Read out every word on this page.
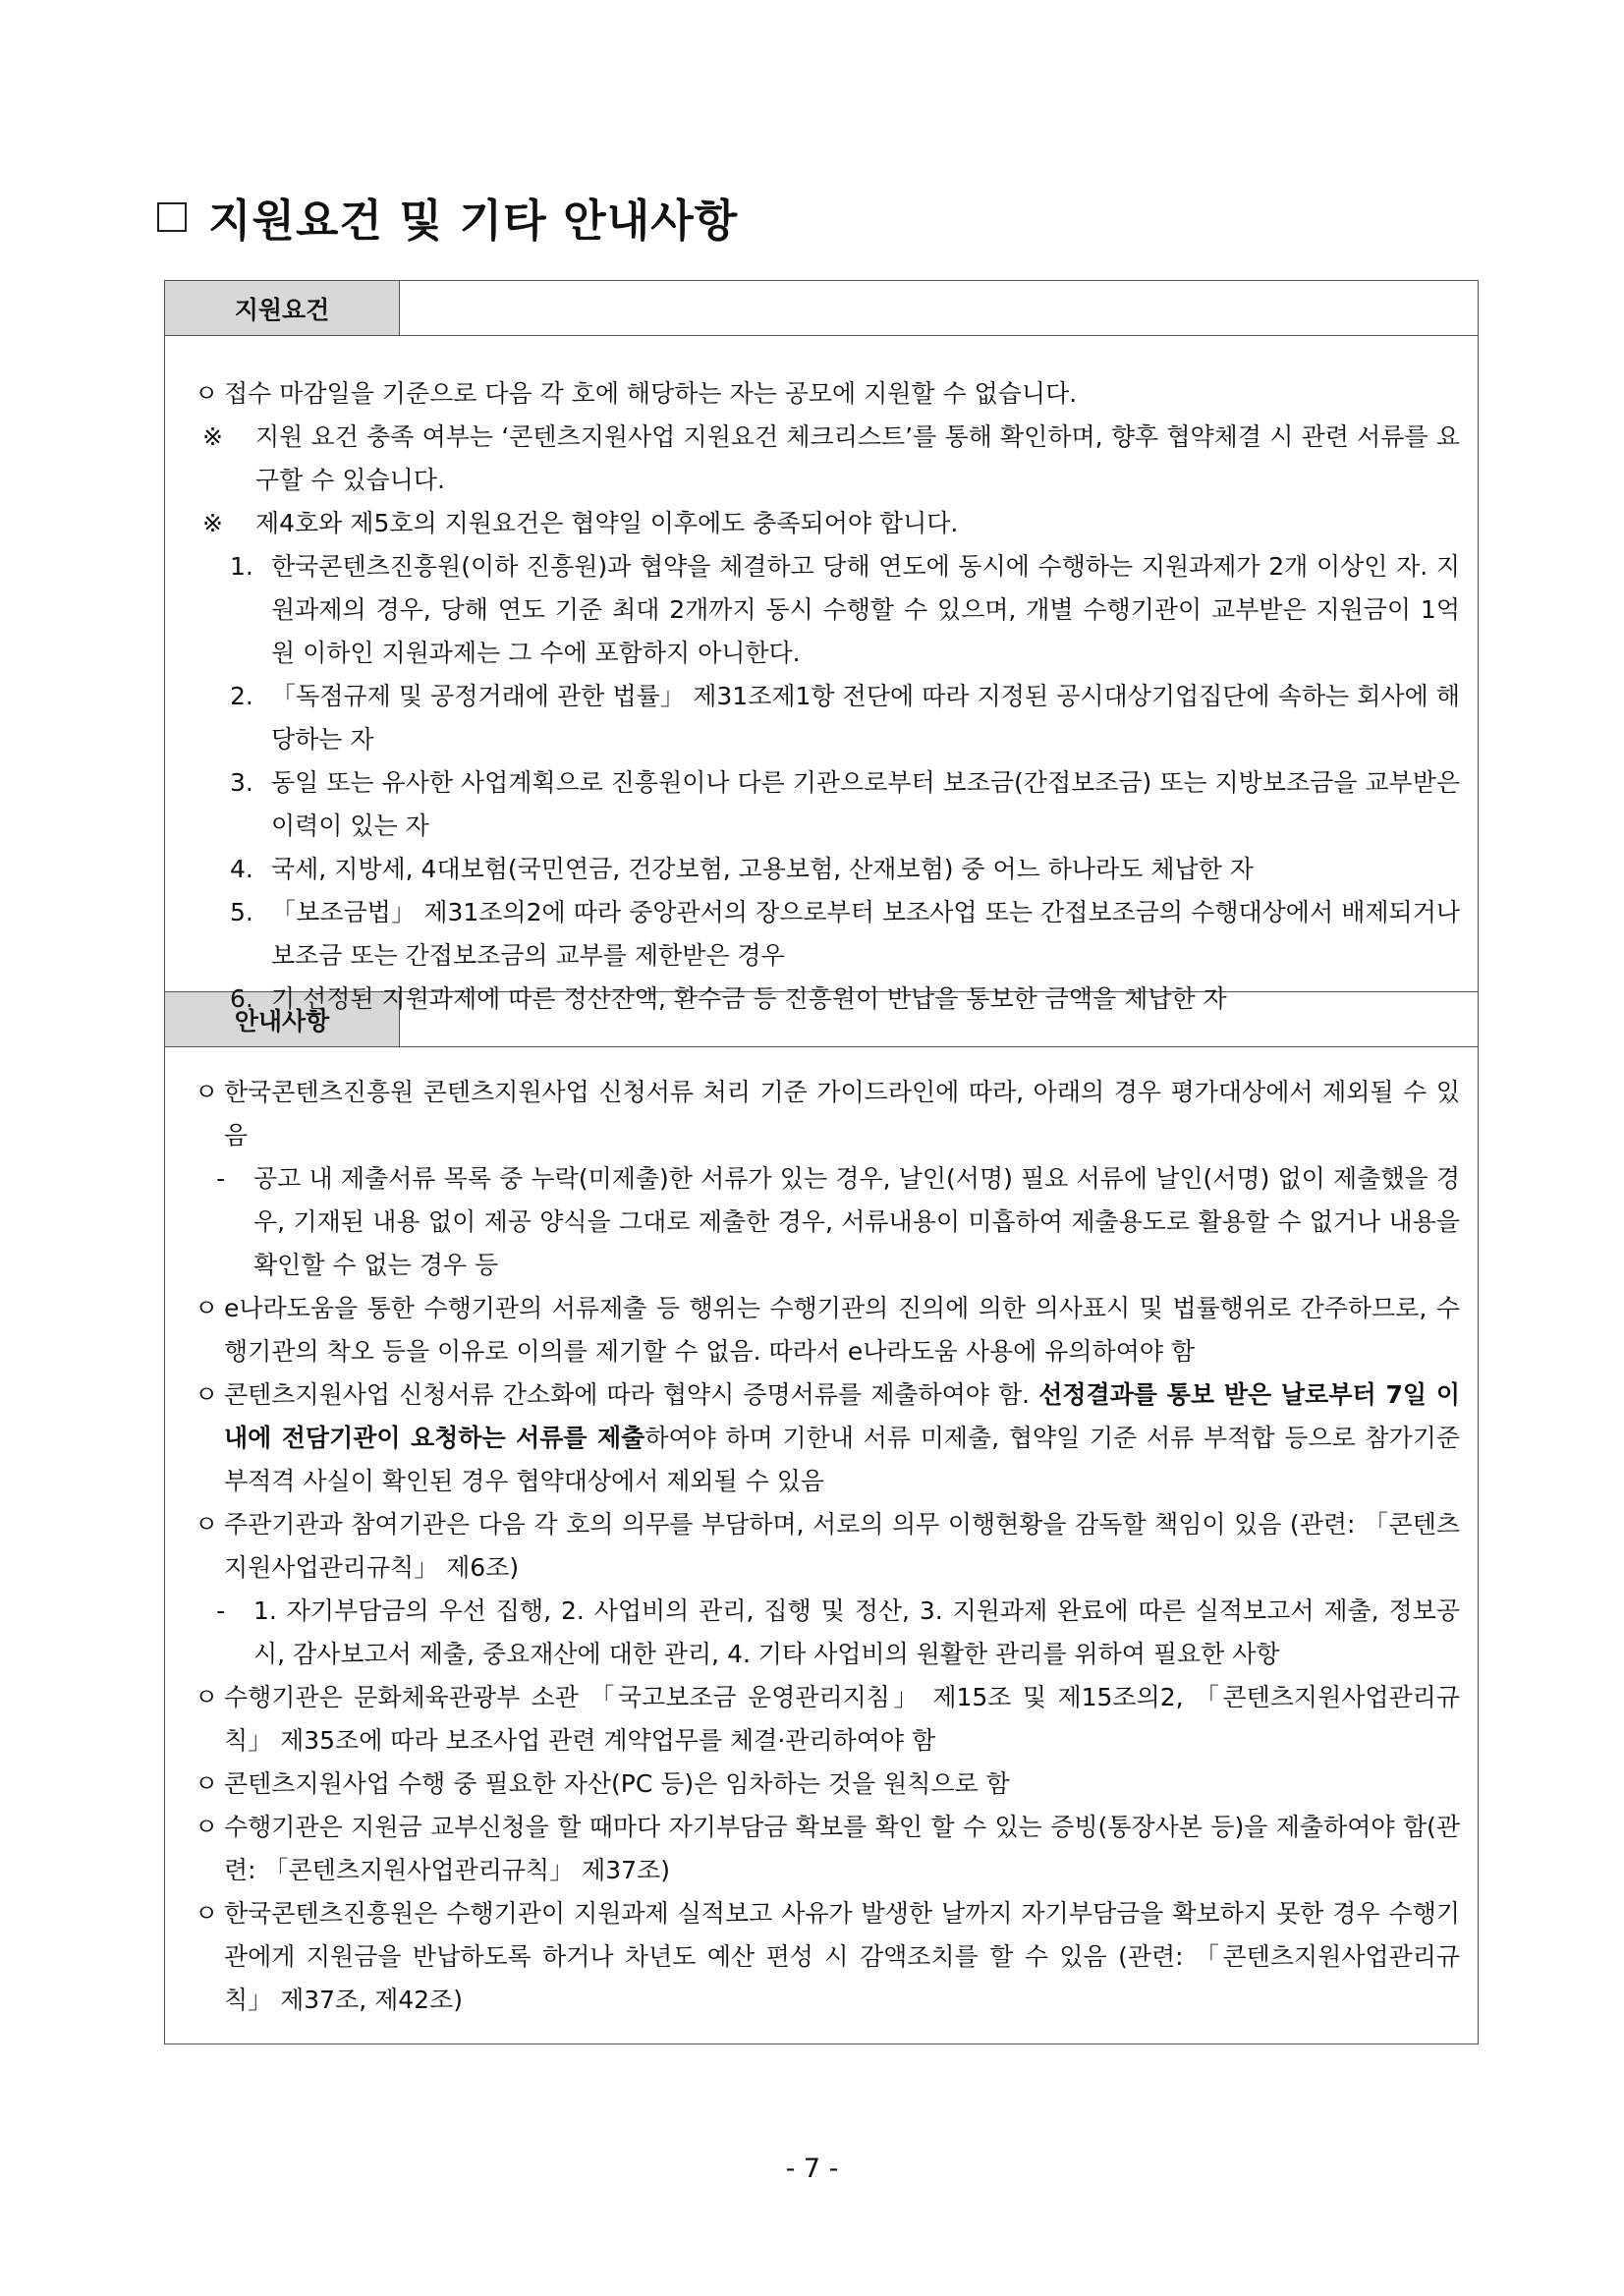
지원요건 및 기타 안내사항
지원요건
ㅇ 접수 마감일을 기준으로 다음 각 호에 해당하는 자는 공모에 지원할 수 없습니다.
※ 지원 요건 충족 여부는 ‘콘텐츠지원사업 지원요건 체크리스트’를 통해 확인하며, 향후 협약체결 시 관련 서류를 요구할 수 있습니다.
※ 제4호와 제5호의 지원요건은 협약일 이후에도 충족되어야 합니다.
1. 한국콘텐츠진흥원(이하 진흥원)과 협약을 체결하고 당해 연도에 동시에 수행하는 지원과제가 2개 이상인 자. 지원과제의 경우, 당해 연도 기준 최대 2개까지 동시 수행할 수 있으며, 개별 수행기관이 교부받은 지원금이 1억 원 이하인 지원과제는 그 수에 포함하지 아니한다.
2. 「독점규제 및 공정거래에 관한 법률」 제31조제1항 전단에 따라 지정된 공시대상기업집단에 속하는 회사에 해당하는 자
3. 동일 또는 유사한 사업계획으로 진흥원이나 다른 기관으로부터 보조금(간접보조금) 또는 지방보조금을 교부받은 이력이 있는 자
4. 국세, 지방세, 4대보험(국민연금, 건강보험, 고용보험, 산재보험) 중 어느 하나라도 체납한 자
5. 「보조금법」 제31조의2에 따라 중앙관서의 장으로부터 보조사업 또는 간접보조금의 수행대상에서 배제되거나 보조금 또는 간접보조금의 교부를 제한받은 경우
6. 기 선정된 지원과제에 따른 정산잔액, 환수금 등 진흥원이 반납을 통보한 금액을 체납한 자
안내사항
ㅇ 한국콘텐츠진흥원 콘텐츠지원사업 신청서류 처리 기준 가이드라인에 따라, 아래의 경우 평가대상에서 제외될 수 있음
- 공고 내 제출서류 목록 중 누락(미제출)한 서류가 있는 경우, 날인(서명) 필요 서류에 날인(서명) 없이 제출했을 경우, 기재된 내용 없이 제공 양식을 그대로 제출한 경우, 서류내용이 미흡하여 제출용도로 활용할 수 없거나 내용을 확인할 수 없는 경우 등
ㅇ e나라도움을 통한 수행기관의 서류제출 등 행위는 수행기관의 진의에 의한 의사표시 및 법률행위로 간주하므로, 수행기관의 착오 등을 이유로 이의를 제기할 수 없음. 따라서 e나라도움 사용에 유의하여야 함
ㅇ 콘텐츠지원사업 신청서류 간소화에 따라 협약시 증명서류를 제출하여야 함. 선정결과를 통보 받은 날로부터 7일 이내에 전담기관이 요청하는 서류를 제출하여야 하며 기한내 서류 미제출, 협약일 기준 서류 부적합 등으로 참가기준 부적격 사실이 확인된 경우 협약대상에서 제외될 수 있음
ㅇ 주관기관과 참여기관은 다음 각 호의 의무를 부담하며, 서로의 의무 이행현황을 감독할 책임이 있음 (관련: 「콘텐츠지원사업관리규칙」 제6조)
- 1. 자기부담금의 우선 집행, 2. 사업비의 관리, 집행 및 정산, 3. 지원과제 완료에 따른 실적보고서 제출, 정보공시, 감사보고서 제출, 중요재산에 대한 관리, 4. 기타 사업비의 원활한 관리를 위하여 필요한 사항
ㅇ 수행기관은 문화체육관광부 소관 「국고보조금 운영관리지침」 제15조 및 제15조의2, 「콘텐츠지원사업관리규칙」 제35조에 따라 보조사업 관련 계약업무를 체결·관리하여야 함
ㅇ 콘텐츠지원사업 수행 중 필요한 자산(PC 등)은 임차하는 것을 원칙으로 함
ㅇ 수행기관은 지원금 교부신청을 할 때마다 자기부담금 확보를 확인 할 수 있는 증빙(통장사본 등)을 제출하여야 함(관련: 「콘텐츠지원사업관리규칙」 제37조)
ㅇ 한국콘텐츠진흥원은 수행기관이 지원과제 실적보고 사유가 발생한 날까지 자기부담금을 확보하지 못한 경우 수행기관에게 지원금을 반납하도록 하거나 차년도 예산 편성 시 감액조치를 할 수 있음 (관련: 「콘텐츠지원사업관리규칙」 제37조, 제42조)
- 7 -
